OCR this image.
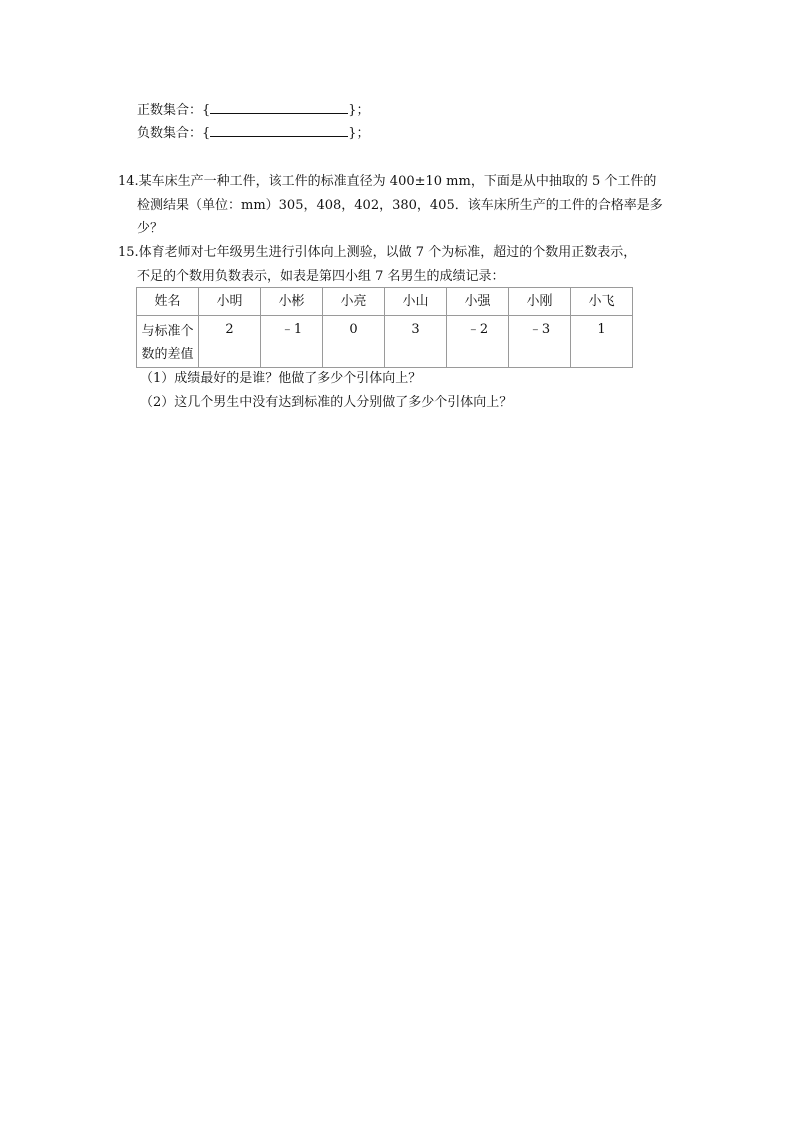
正数集合：{	}；
负数集合：{	}；
14.某车床生产一种工件，该工件的标准直径为 400±10 mm，下面是从中抽取的 5 个工件的
检测结果（单位：mm）305，408，402，380，405．该车床所生产的工件的合格率是多
少？
15.体育老师对七年级男生进行引体向上测验，以做 7 个为标准，超过的个数用正数表示，
不足的个数用负数表示，如表是第四小组 7 名男生的成绩记录：
姓名	小明	小彬	小亮	小山	小强	小刚	小飞
与标准个数的差值	2	﹣1	0	3	﹣2	﹣3	1
（1）成绩最好的是谁？他做了多少个引体向上？
（2）这几个男生中没有达到标准的人分别做了多少个引体向上？
